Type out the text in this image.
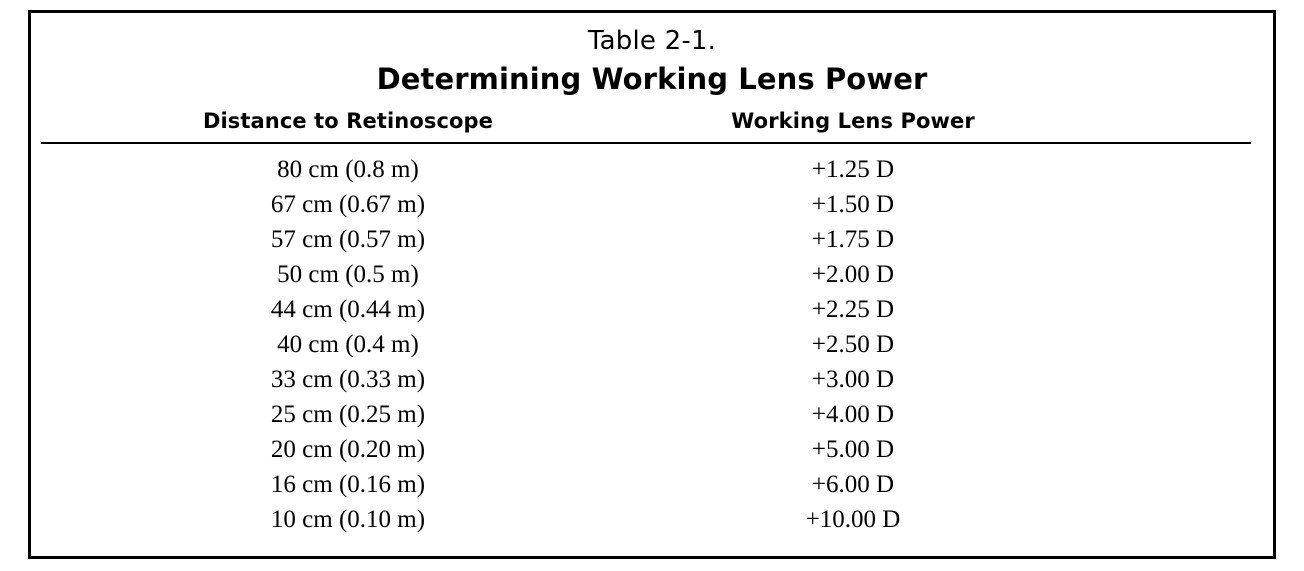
Table 2-1.
Determining Working Lens Power
Distance to Retinoscope	Working Lens Power
80 cm (0.8 m)	+1.25 D
67 cm (0.67 m)	+1.50 D
57 cm (0.57 m)	+1.75 D
50 cm (0.5 m)	+2.00 D
44 cm (0.44 m)	+2.25 D
40 cm (0.4 m)	+2.50 D
33 cm (0.33 m)	+3.00 D
25 cm (0.25 m)	+4.00 D
20 cm (0.20 m)	+5.00 D
16 cm (0.16 m)	+6.00 D
10 cm (0.10 m)	+10.00 D
